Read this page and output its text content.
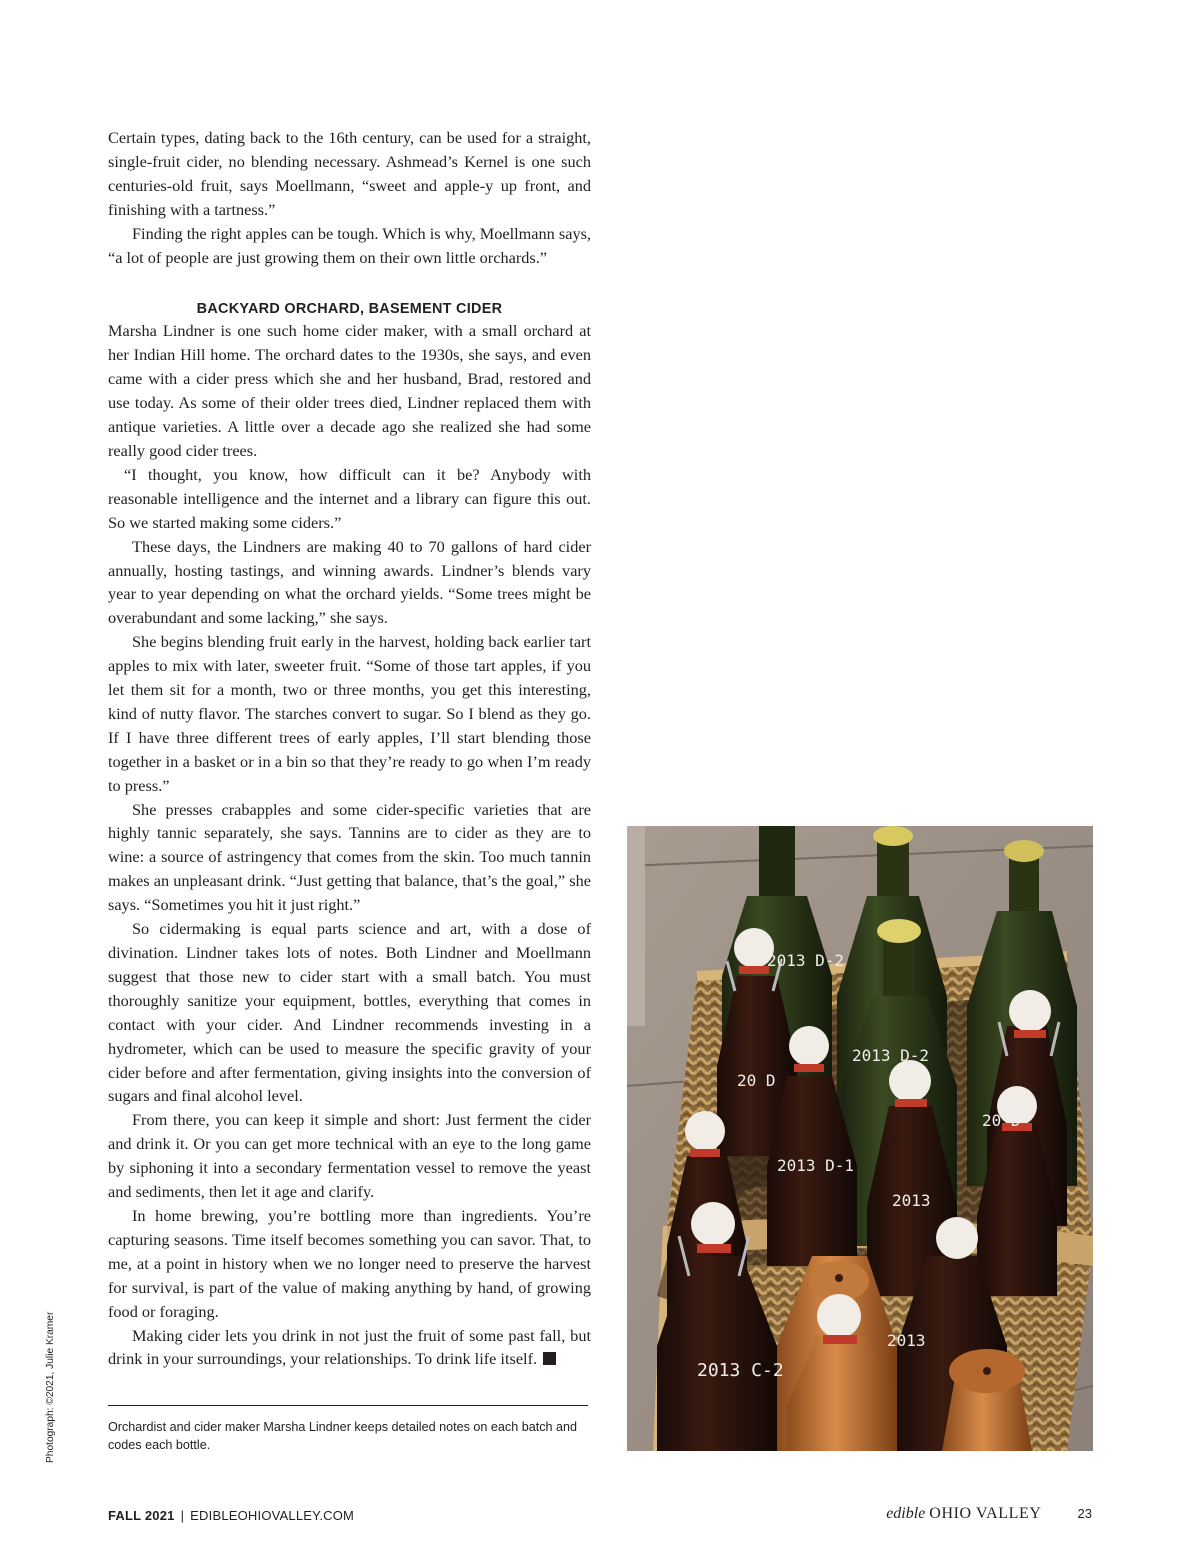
Certain types, dating back to the 16th century, can be used for a straight, single-fruit cider, no blending necessary. Ashmead’s Kernel is one such centuries-old fruit, says Moellmann, “sweet and apple-y up front, and finishing with a tartness.”

Finding the right apples can be tough. Which is why, Moellmann says, “a lot of people are just growing them on their own little orchards.”

BACKYARD ORCHARD, BASEMENT CIDER

Marsha Lindner is one such home cider maker, with a small orchard at her Indian Hill home. The orchard dates to the 1930s, she says, and even came with a cider press which she and her husband, Brad, restored and use today. As some of their older trees died, Lindner replaced them with antique varieties. A little over a decade ago she realized she had some really good cider trees.

“I thought, you know, how difficult can it be? Anybody with reasonable intelligence and the internet and a library can figure this out. So we started making some ciders.”

These days, the Lindners are making 40 to 70 gallons of hard cider annually, hosting tastings, and winning awards. Lindner’s blends vary year to year depending on what the orchard yields. “Some trees might be overabundant and some lacking,” she says.

She begins blending fruit early in the harvest, holding back earlier tart apples to mix with later, sweeter fruit. “Some of those tart apples, if you let them sit for a month, two or three months, you get this interesting, kind of nutty flavor. The starches convert to sugar. So I blend as they go. If I have three different trees of early apples, I’ll start blending those together in a basket or in a bin so that they’re ready to go when I’m ready to press.”

She presses crabapples and some cider-specific varieties that are highly tannic separately, she says. Tannins are to cider as they are to wine: a source of astringency that comes from the skin. Too much tannin makes an unpleasant drink. “Just getting that balance, that’s the goal,” she says. “Sometimes you hit it just right.”

So cidermaking is equal parts science and art, with a dose of divination. Lindner takes lots of notes. Both Lindner and Moellmann suggest that those new to cider start with a small batch. You must thoroughly sanitize your equipment, bottles, everything that comes in contact with your cider. And Lindner recommends investing in a hydrometer, which can be used to measure the specific gravity of your cider before and after fermentation, giving insights into the conversion of sugars and final alcohol level.

From there, you can keep it simple and short: Just ferment the cider and drink it. Or you can get more technical with an eye to the long game by siphoning it into a secondary fermentation vessel to remove the yeast and sediments, then let it age and clarify.

In home brewing, you’re bottling more than ingredients. You’re capturing seasons. Time itself becomes something you can savor. That, to me, at a point in history when we no longer need to preserve the harvest for survival, is part of the value of making anything by hand, of growing food or foraging.

Making cider lets you drink in not just the fruit of some past fall, but drink in your surroundings, your relationships. To drink life itself.

Orchardist and cider maker Marsha Lindner keeps detailed notes on each batch and codes each bottle.
Photograph: ©2021, Julie Kramer
2013 D-2
2013 D-2
20 D
2013 D-1
20 D
2013
2013 C-2
2013
FALL 2021 | EDIBLEOHIOVALLEY.COM	edible OHIO VALLEY	23
